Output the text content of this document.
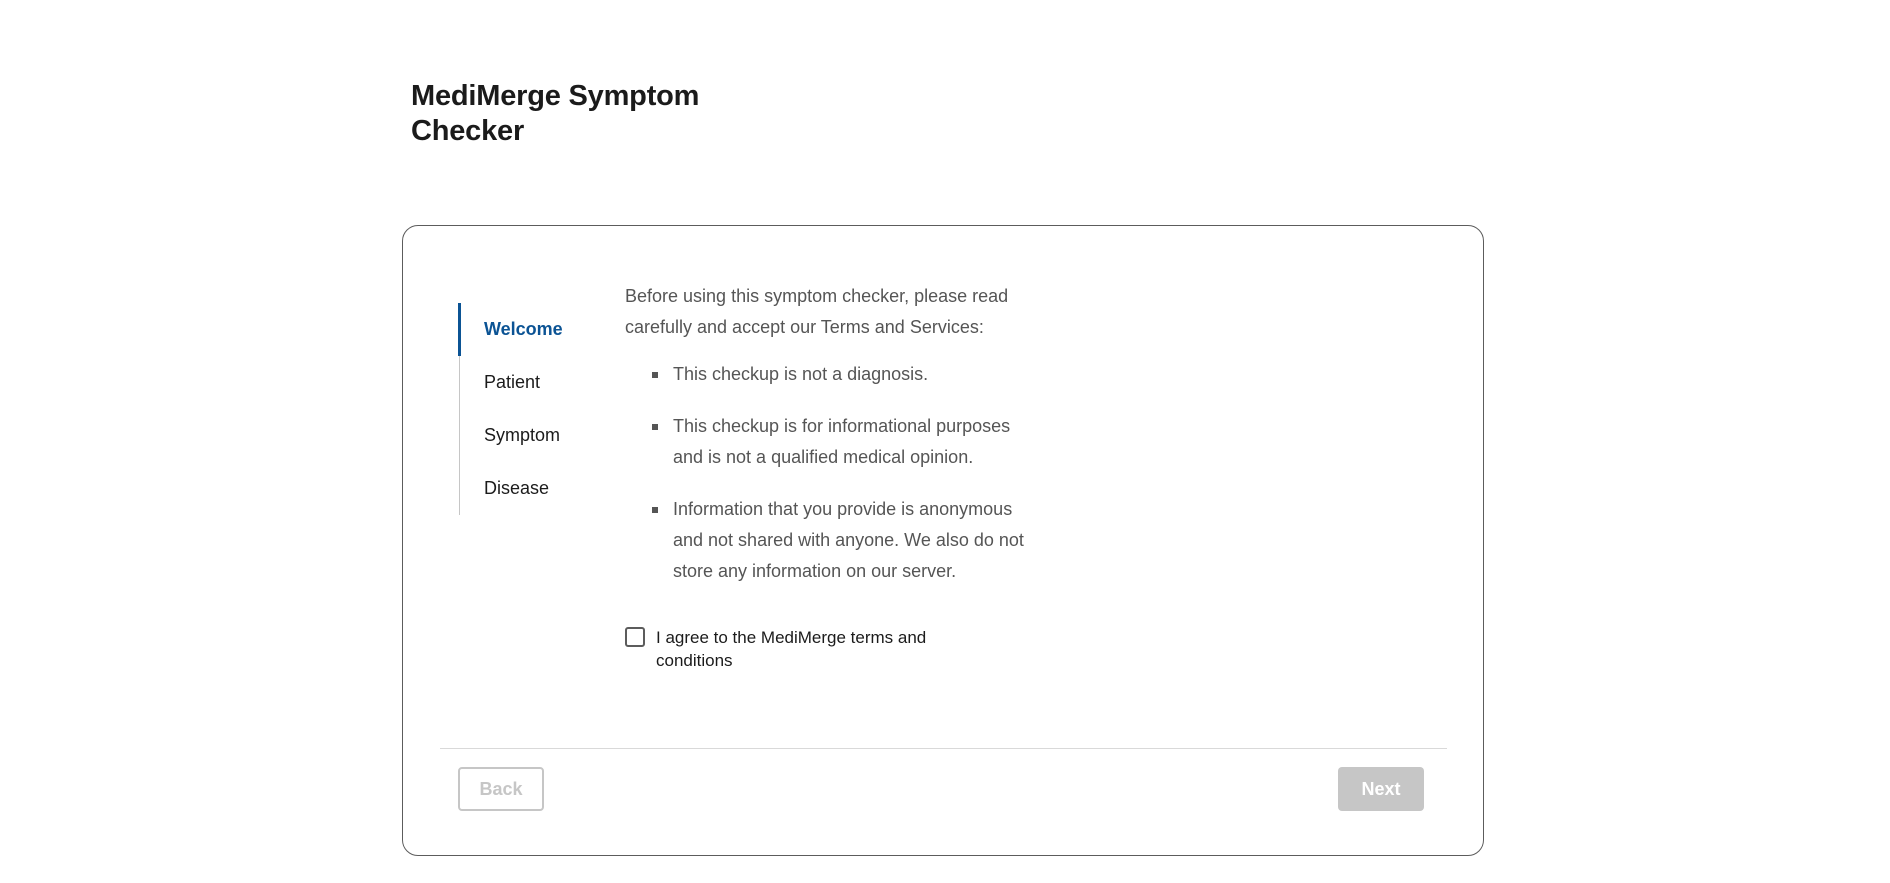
MediMerge Symptom Checker
Welcome
Patient
Symptom
Disease

Before using this symptom checker, please read carefully and accept our Terms and Services:

This checkup is not a diagnosis.
This checkup is for informational purposes and is not a qualified medical opinion.
Information that you provide is anonymous and not shared with anyone. We also do not store any information on our server.
I agree to the MediMerge terms and conditions
Back	Next
